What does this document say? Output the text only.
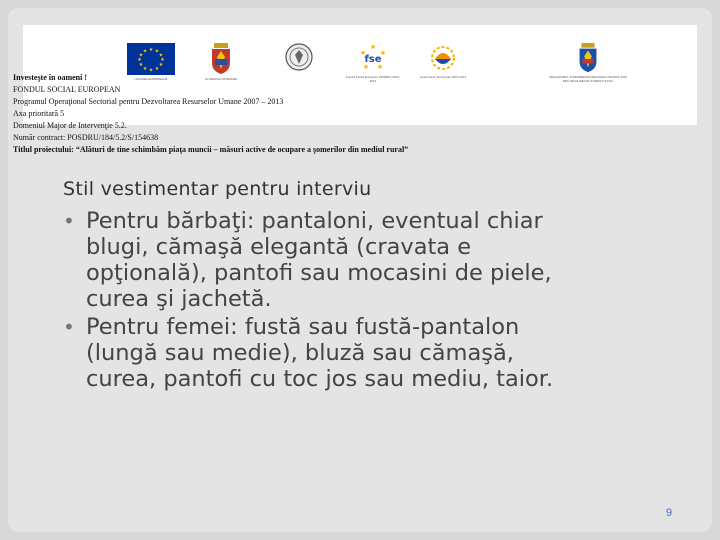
★ ★
★
★
★
★
★
★
★
★
★
★
UNIUNEA EUROPEANĂ	GUVERNUL ROMÂNIEI
★
★
★
★
★
fse
Fondul Social European POSDRU 2007-2013
Instrumente Structurale 2007-2013	ORGANISMUL INTERMEDIAR REGIONAL PENTRU POS DRU REGIUNEA BUCUREȘTI ILFOV
Investeşte în oameni !
FONDUL SOCIAL EUROPEAN
Programul Operaţional Sectorial pentru Dezvoltarea Resurselor Umane 2007 – 2013
Axa prioritară 5
Domeniul Major de Intervenţie 5.2.
Număr contract: POSDRU/184/5.2/S/154638
Titlul proiectului: “Alături de tine schimbăm piaţa muncii – măsuri active de ocupare a şomerilor din mediul rural”
Stil vestimentar pentru interviu
• Pentru bărbaţi: pantaloni, eventual chiar blugi, cămaşă elegantă (cravata e opţională), pantofi sau mocasini de piele, curea şi jachetă.
• Pentru femei: fustă sau fustă-pantalon (lungă sau medie), bluză sau cămaşă, curea, pantofi cu toc jos sau mediu, taior.
9
